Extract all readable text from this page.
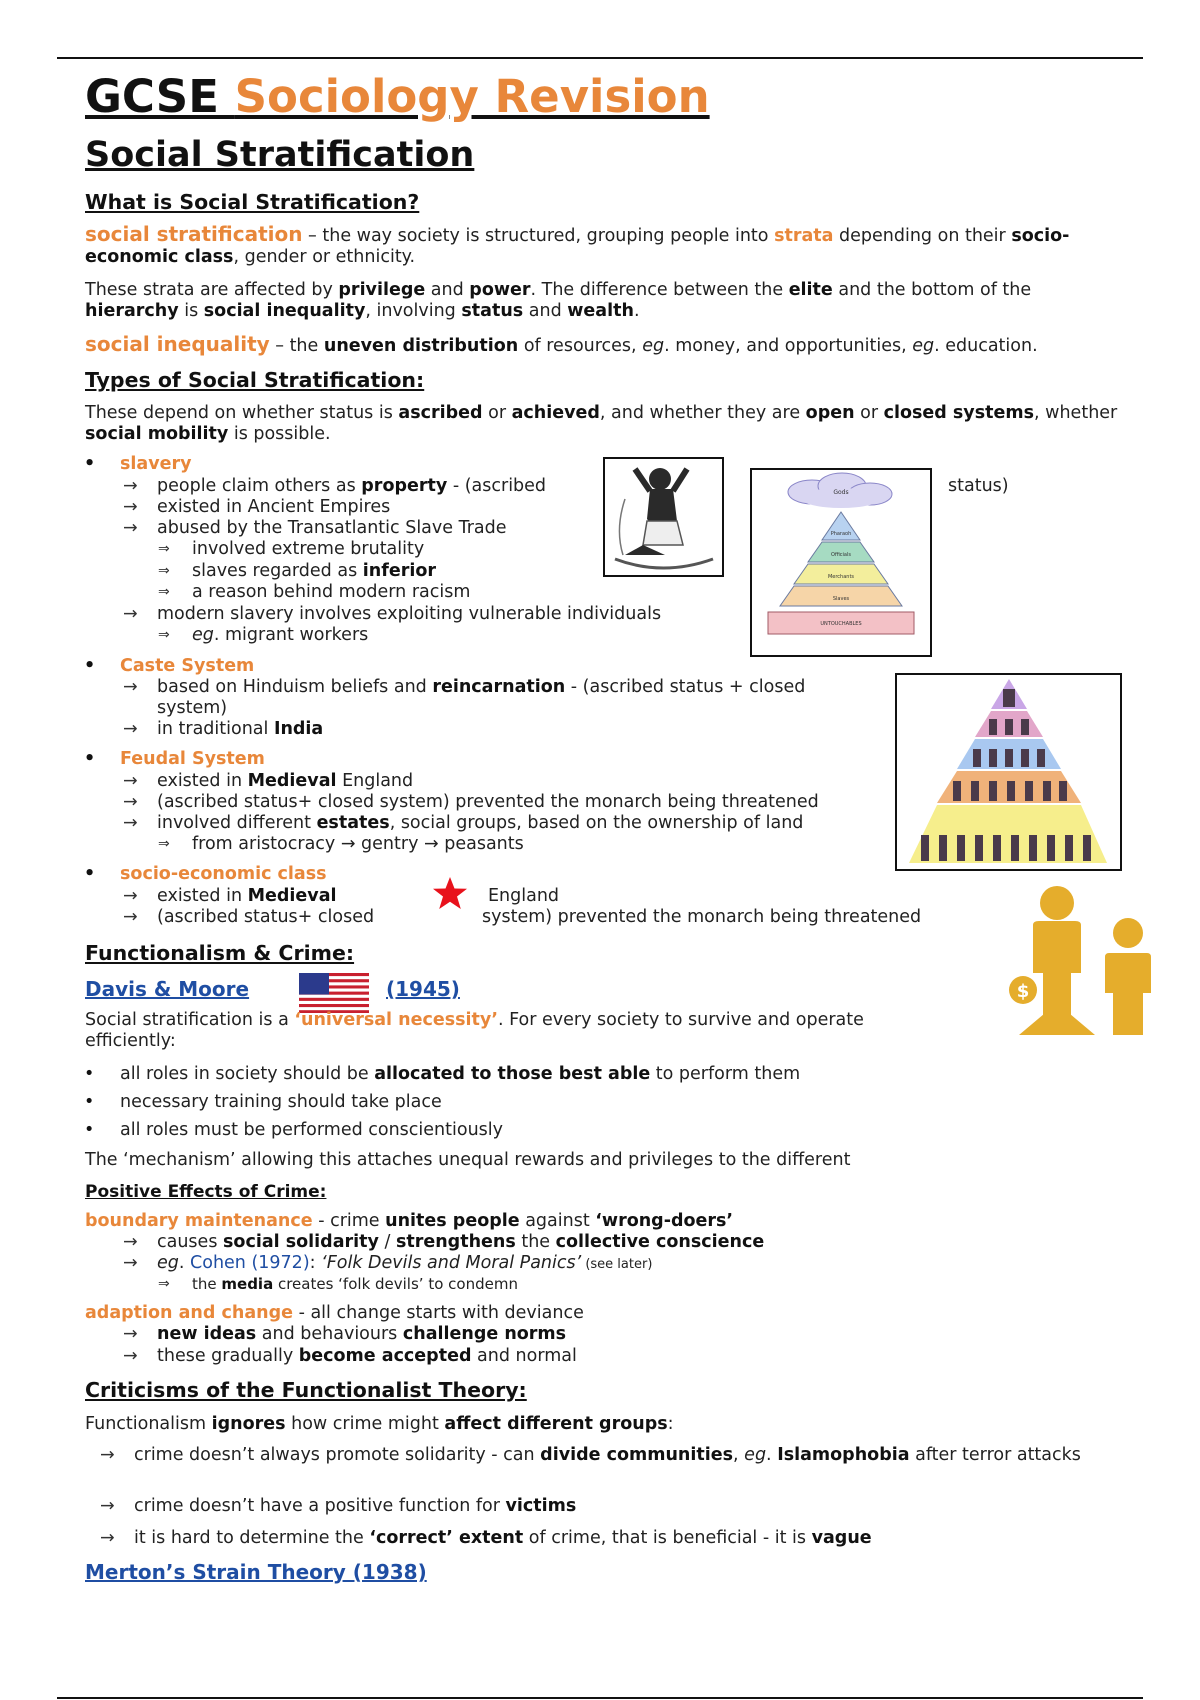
GCSE Sociology Revision
Social Stratification
What is Social Stratification?

social stratification – the way society is structured, grouping people into strata depending on their socio-economic class, gender or ethnicity.

These strata are affected by privilege and power. The difference between the elite and the bottom of the hierarchy is social inequality, involving status and wealth.

social inequality – the uneven distribution of resources, eg. money, and opportunities, eg. education.

Types of Social Stratification:

These depend on whether status is ascribed or achieved, and whether they are open or closed systems, whether social mobility is possible.

• slavery
→ people claim others as property - (ascribed	status)
→ existed in Ancient Empires
→ abused by the Transatlantic Slave Trade
⇒ involved extreme brutality
⇒ slaves regarded as inferior
⇒ a reason behind modern racism
→ modern slavery involves exploiting vulnerable individuals
⇒ eg. migrant workers
Gods
Pharaoh
Officials
Merchants
Slaves
UNTOUCHABLES
• Caste System
→ based on Hinduism beliefs and reincarnation - (ascribed status + closed
system)
→ in traditional India
• Feudal System
→ existed in Medieval England
→ (ascribed status+ closed system) prevented the monarch being threatened
→ involved different estates, social groups, based on the ownership of land
⇒ from aristocracy → gentry → peasants
• socio-economic class
→ existed in Medieval	England
→ (ascribed status+ closed	system) prevented the monarch being threatened
$
Functionalism & Crime:
Davis & Moore	(1945)

Social stratification is a ‘universal necessity’. For every society to survive and operate efficiently:

• all roles in society should be allocated to those best able to perform them
• necessary training should take place
• all roles must be performed conscientiously
The ‘mechanism’ allowing this attaches unequal rewards and privileges to the different
Positive Effects of Crime:
boundary maintenance - crime unites people against ‘wrong-doers’
→ causes social solidarity / strengthens the collective conscience
→ eg. Cohen (1972): ‘Folk Devils and Moral Panics’ (see later)
⇒ the media creates ‘folk devils’ to condemn
adaption and change - all change starts with deviance
→ new ideas and behaviours challenge norms
→ these gradually become accepted and normal
Criticisms of the Functionalist Theory:
Functionalism ignores how crime might affect different groups:
→ crime doesn’t always promote solidarity - can divide communities, eg. Islamophobia after terror attacks
→ crime doesn’t have a positive function for victims
→ it is hard to determine the ‘correct’ extent of crime, that is beneficial - it is vague
Merton’s Strain Theory (1938)
